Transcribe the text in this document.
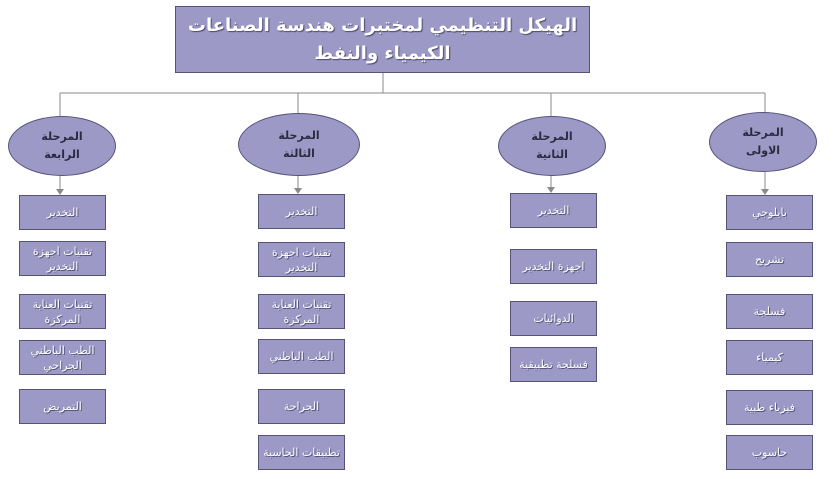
الهيكل التنظيمي لمختبرات هندسة الصناعات
الكيمياء والنفط
المرحلة
الاولى
بايلوجي
تشريح
فسلجة
كيمياء
فيزياء طبية
حاسوب
المرحلة
الثانية
التخدير
اجهزة التخدير
الدوائيات
فسلجة تطبيقية
المرحلة
الثالثة
التخدير
تقنيات اجهزة التخدير
تقنيات العناية المركزة
الطب الباطني
الجراحة
تطبيقات الحاسبة
المرحلة
الرابعة
التخدير
تقنيات اجهزة التخدير
تقنيات العناية المركزة
الطب الباطني الجراحي
التمريض
